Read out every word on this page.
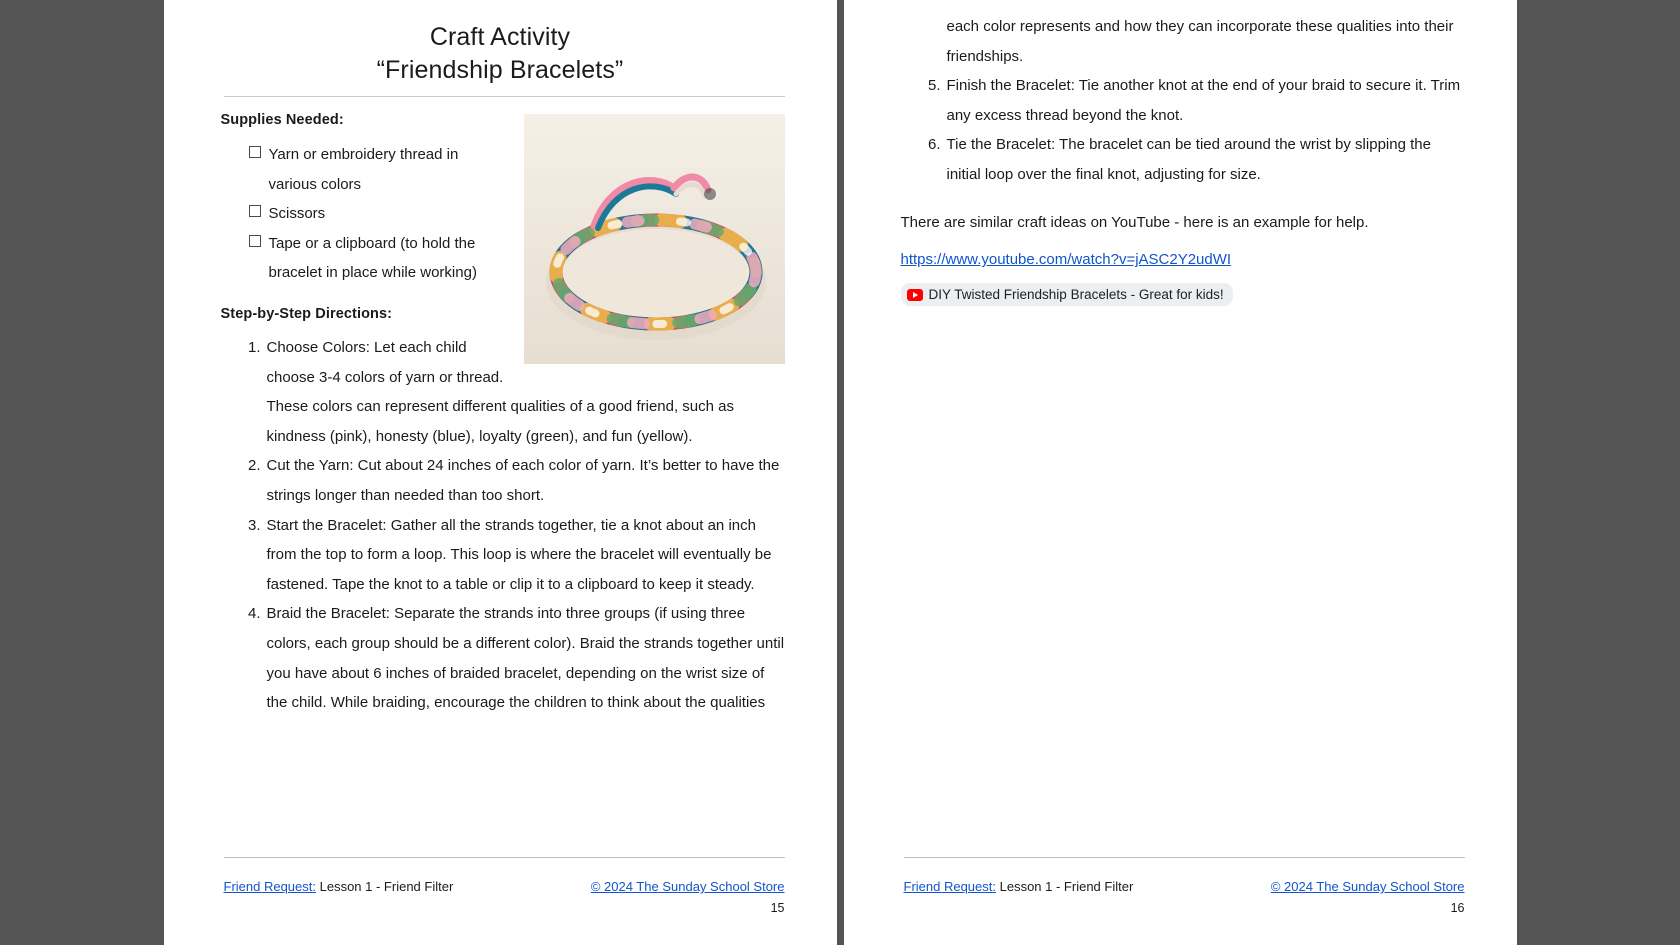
Craft Activity
“Friendship Bracelets”

Supplies Needed:

Yarn or embroidery thread in various colors
Scissors
Tape or a clipboard (to hold the bracelet in place while working)

Step-by-Step Directions:

Choose Colors: Let each child choose 3-4 colors of yarn or thread. These colors can represent different qualities of a good friend, such as kindness (pink), honesty (blue), loyalty (green), and fun (yellow).
Cut the Yarn: Cut about 24 inches of each color of yarn. It’s better to have the strings longer than needed than too short.
Start the Bracelet: Gather all the strands together, tie a knot about an inch from the top to form a loop. This loop is where the bracelet will eventually be fastened. Tape the knot to a table or clip it to a clipboard to keep it steady.
Braid the Bracelet: Separate the strands into three groups (if using three colors, each group should be a different color). Braid the strands together until you have about 6 inches of braided bracelet, depending on the wrist size of the child. While braiding, encourage the children to think about the qualities
Friend Request: Lesson 1 - Friend Filter	© 2024 The Sunday School Store
15

each color represents and how they can incorporate these qualities into their friendships.

Finish the Bracelet: Tie another knot at the end of your braid to secure it. Trim any excess thread beyond the knot.
Tie the Bracelet: The bracelet can be tied around the wrist by slipping the initial loop over the final knot, adjusting for size.

There are similar craft ideas on YouTube - here is an example for help.

https://www.youtube.com/watch?v=jASC2Y2udWI
DIY Twisted Friendship Bracelets - Great for kids!
Friend Request: Lesson 1 - Friend Filter	© 2024 The Sunday School Store
16
